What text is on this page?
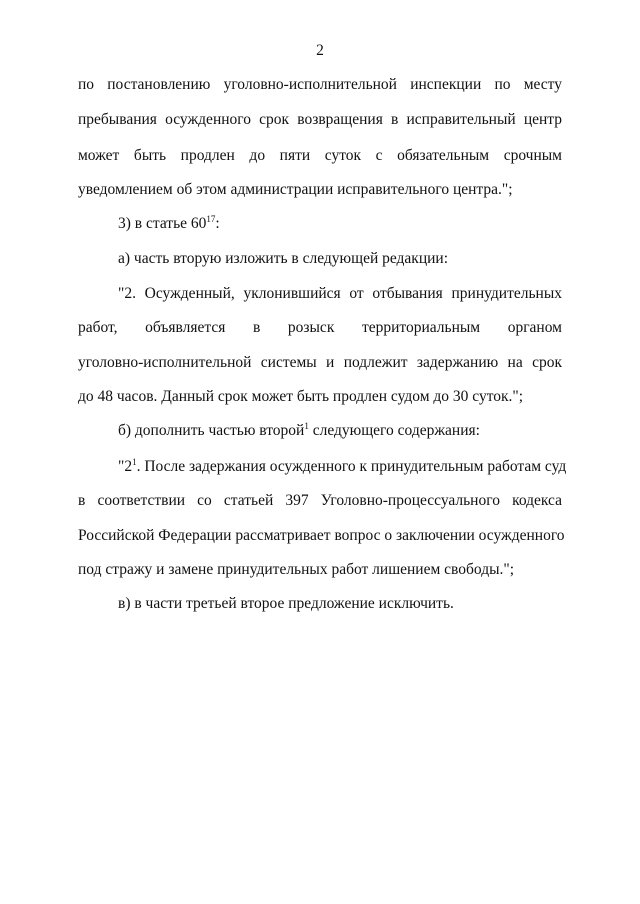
2
по постановлению уголовно-исполнительной инспекции по месту
пребывания осужденного срок возвращения в исправительный центр
может быть продлен до пяти суток с обязательным срочным
уведомлением об этом администрации исправительного центра.";
3) в статье $60^{17}$:
а) часть вторую изложить в следующей редакции:
"2. Осужденный, уклонившийся от отбывания принудительных
работ, объявляется в розыск территориальным органом
уголовно-исполнительной системы и подлежит задержанию на срок
до 48 часов. Данный срок может быть продлен судом до 30 суток.";
б) дополнить частью второй$^1$ следующего содержания:
"$2^1$. После задержания осужденного к принудительным работам суд
в соответствии со статьей 397 Уголовно-процессуального кодекса
Российской Федерации рассматривает вопрос о заключении осужденного
под стражу и замене принудительных работ лишением свободы.";
в) в части третьей второе предложение исключить.
